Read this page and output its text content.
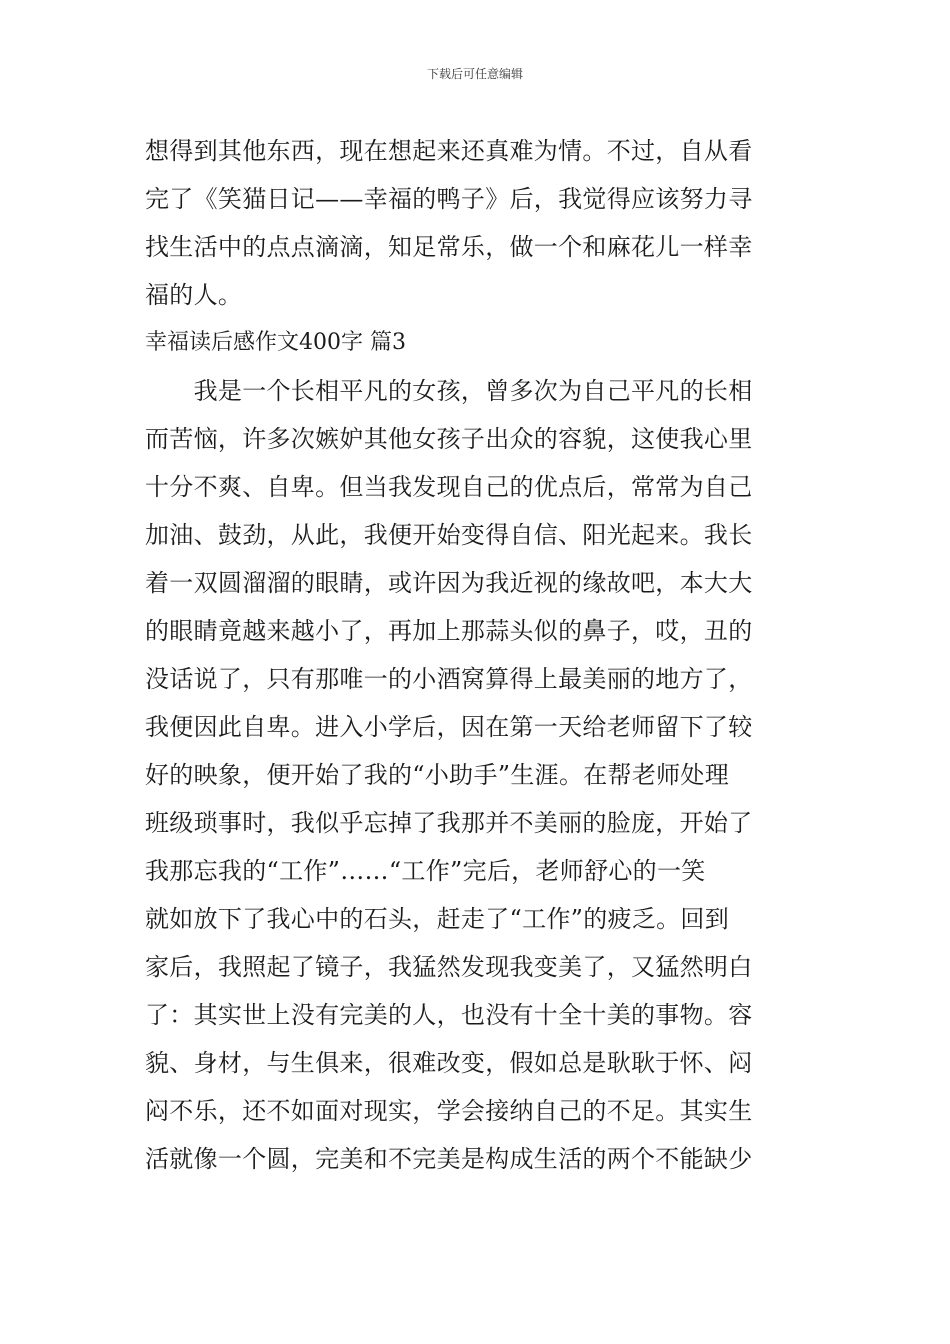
下载后可任意编辑
想得到其他东西，现在想起来还真难为情。不过，自从看
完了《笑猫日记——幸福的鸭子》后，我觉得应该努力寻
找生活中的点点滴滴，知足常乐，做一个和麻花儿一样幸
福的人。
幸福读后感作文400字 篇3
　　我是一个长相平凡的女孩，曾多次为自己平凡的长相
而苦恼，许多次嫉妒其他女孩子出众的容貌，这使我心里
十分不爽、自卑。但当我发现自己的优点后，常常为自己
加油、鼓劲，从此，我便开始变得自信、阳光起来。我长
着一双圆溜溜的眼睛，或许因为我近视的缘故吧，本大大
的眼睛竟越来越小了，再加上那蒜头似的鼻子，哎，丑的
没话说了，只有那唯一的小酒窝算得上最美丽的地方了，
我便因此自卑。进入小学后，因在第一天给老师留下了较
好的映象，便开始了我的“小助手”生涯。在帮老师处理
班级琐事时，我似乎忘掉了我那并不美丽的脸庞，开始了
我那忘我的“工作”……“工作”完后，老师舒心的一笑
就如放下了我心中的石头，赶走了“工作”的疲乏。回到
家后，我照起了镜子，我猛然发现我变美了，又猛然明白
了：其实世上没有完美的人，也没有十全十美的事物。容
貌、身材，与生俱来，很难改变，假如总是耿耿于怀、闷
闷不乐，还不如面对现实，学会接纳自己的不足。其实生
活就像一个圆，完美和不完美是构成生活的两个不能缺少
